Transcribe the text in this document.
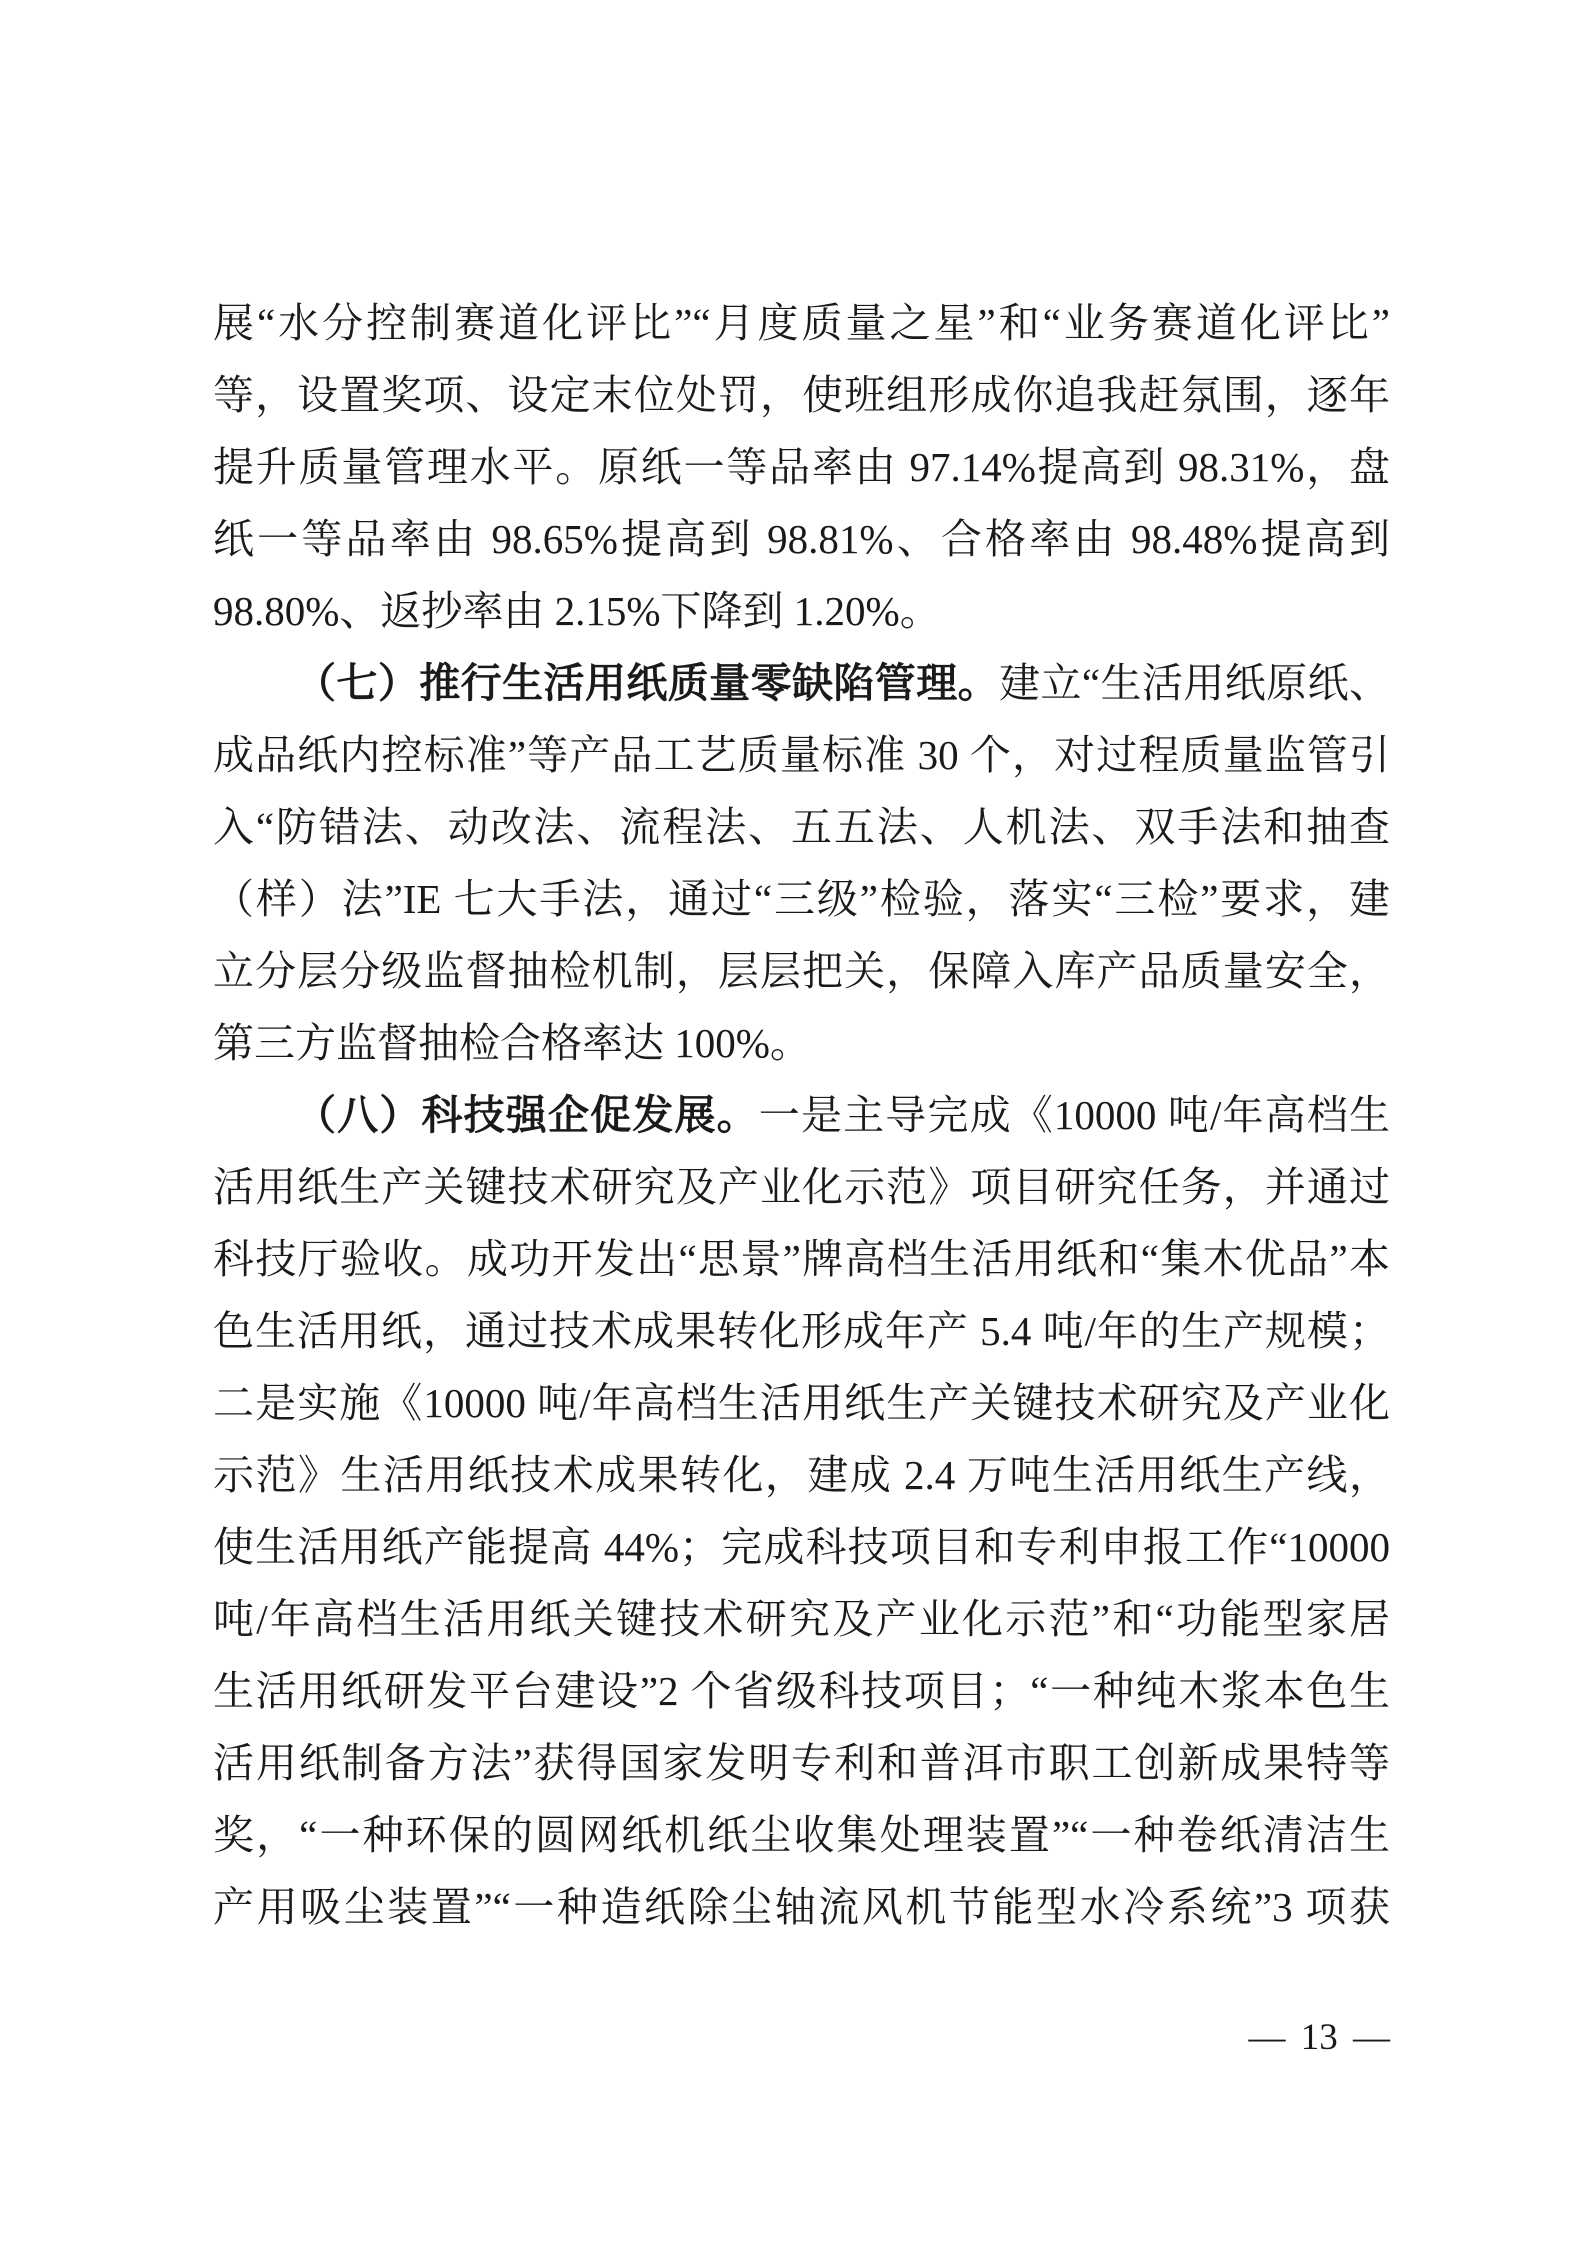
展“水分控制赛道化评比”“月度质量之星”和“业务赛道化评比”
等，设置奖项、设定末位处罚，使班组形成你追我赶氛围，逐年
提升质量管理水平。原纸一等品率由 97.14%提高到 98.31%，盘
纸一等品率由 98.65%提高到 98.81%、合格率由 98.48%提高到
98.80%、返抄率由 2.15%下降到 1.20%。
（七）推行生活用纸质量零缺陷管理。建立“生活用纸原纸、
成品纸内控标准”等产品工艺质量标准 30 个，对过程质量监管引
入“防错法、动改法、流程法、五五法、人机法、双手法和抽查
（样）法”IE 七大手法，通过“三级”检验，落实“三检”要求，建
立分层分级监督抽检机制，层层把关，保障入库产品质量安全，
第三方监督抽检合格率达 100%。
（八）科技强企促发展。一是主导完成《10000 吨/年高档生
活用纸生产关键技术研究及产业化示范》项目研究任务，并通过
科技厅验收。成功开发出“思景”牌高档生活用纸和“集木优品”本
色生活用纸，通过技术成果转化形成年产 5.4 吨/年的生产规模；
二是实施《10000 吨/年高档生活用纸生产关键技术研究及产业化
示范》生活用纸技术成果转化，建成 2.4 万吨生活用纸生产线，
使生活用纸产能提高 44%；完成科技项目和专利申报工作“10000
吨/年高档生活用纸关键技术研究及产业化示范”和“功能型家居
生活用纸研发平台建设”2 个省级科技项目；“一种纯木浆本色生
活用纸制备方法”获得国家发明专利和普洱市职工创新成果特等
奖，“一种环保的圆网纸机纸尘收集处理装置”“一种卷纸清洁生
产用吸尘装置”“一种造纸除尘轴流风机节能型水冷系统”3 项获
— 13 —
